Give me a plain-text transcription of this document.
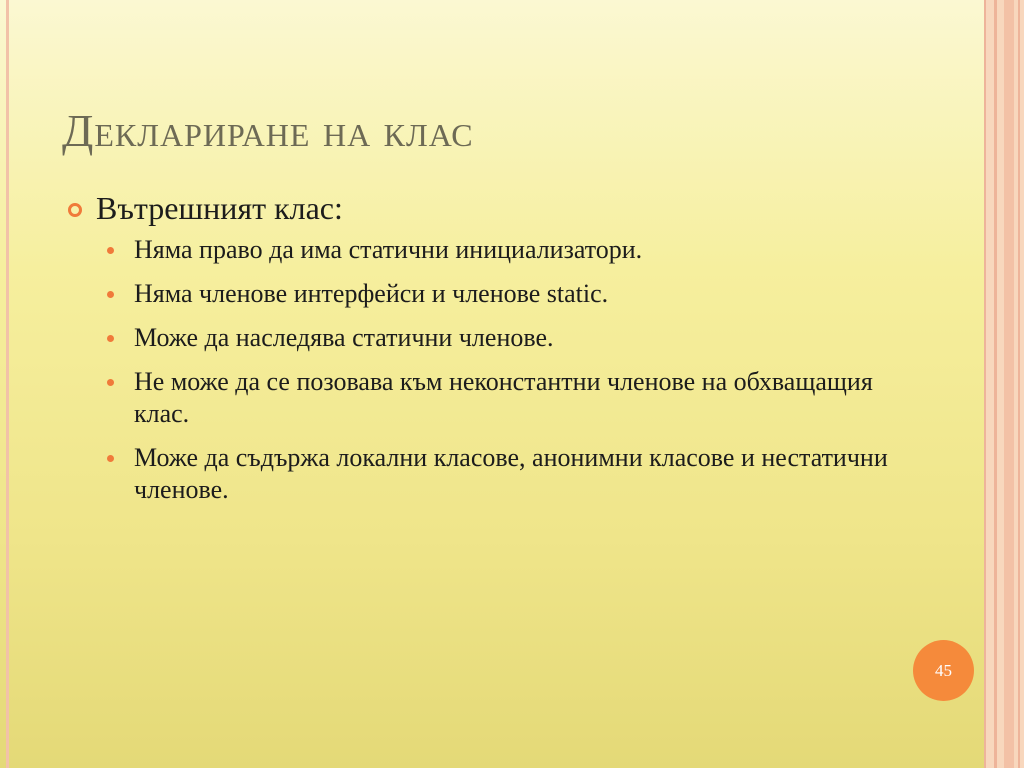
Деклариране на клас
Вътрешният клас:
Няма право да има статични инициализатори.
Няма членове интерфейси и членове static.
Може да наследява статични членове.
Не може да се позовава към неконстантни членове на обхващащия клас.
Може да съдържа локални класове, анонимни класове и нестатични членове.
45
